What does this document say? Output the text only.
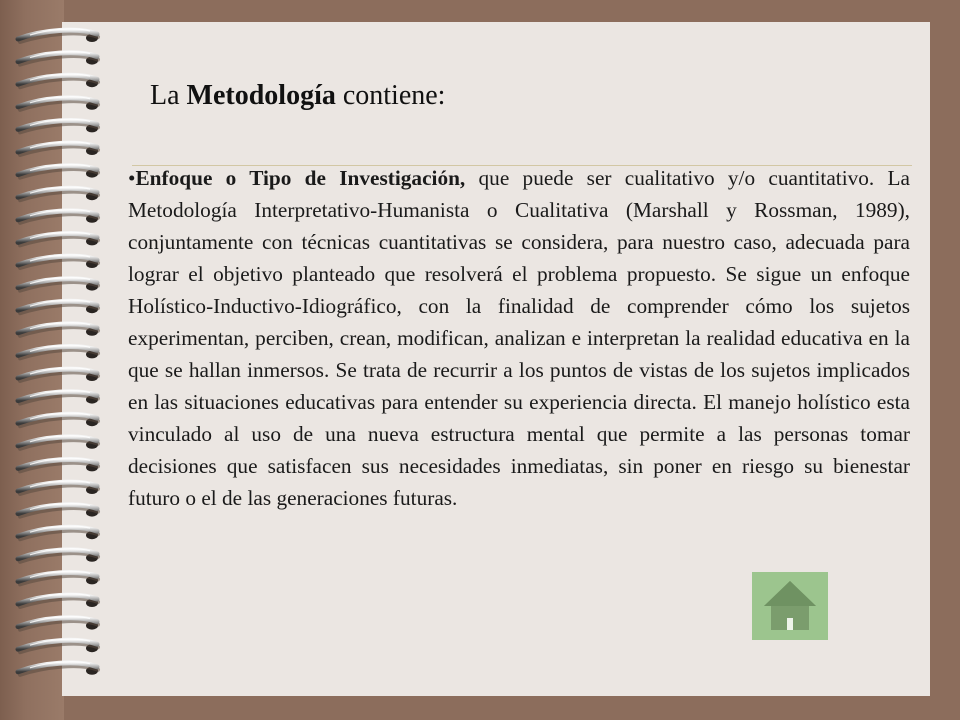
La Metodología contiene:

•Enfoque o Tipo de Investigación, que puede ser cualitativo y/o cuantitativo. La Metodología Interpretativo-Humanista o Cualitativa (Marshall y Rossman, 1989), conjuntamente con técnicas cuantitativas se considera, para nuestro caso, adecuada para lograr el objetivo planteado que resolverá el problema propuesto. Se sigue un enfoque Holístico-Inductivo-Idiográfico, con la finalidad de comprender cómo los sujetos experimentan, perciben, crean, modifican, analizan e interpretan la realidad educativa en la que se hallan inmersos. Se trata de recurrir a los puntos de vistas de los sujetos implicados en las situaciones educativas para entender su experiencia directa. El manejo holístico esta vinculado al uso de una nueva estructura mental que permite a las personas tomar decisiones que satisfacen sus necesidades inmediatas, sin poner en riesgo su bienestar futuro o el de las generaciones futuras.
